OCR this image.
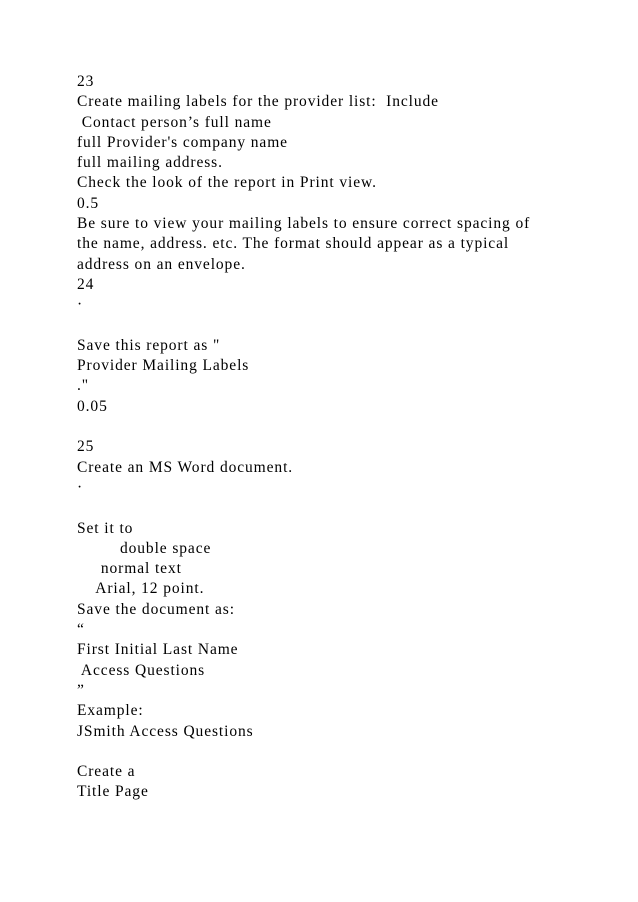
23
Create mailing labels for the provider list:  Include
Contact person’s full name
full Provider's company name
full mailing address.
Check the look of the report in Print view.
0.5
Be sure to view your mailing labels to ensure correct spacing of
the name, address. etc. The format should appear as a typical
address on an envelope.
24
·
Save this report as "
Provider Mailing Labels
."
0.05
25
Create an MS Word document.
·
Set it to
double space
normal text
Arial, 12 point.
Save the document as:
“
First Initial Last Name
Access Questions
”
Example:
JSmith Access Questions
Create a
Title Page
